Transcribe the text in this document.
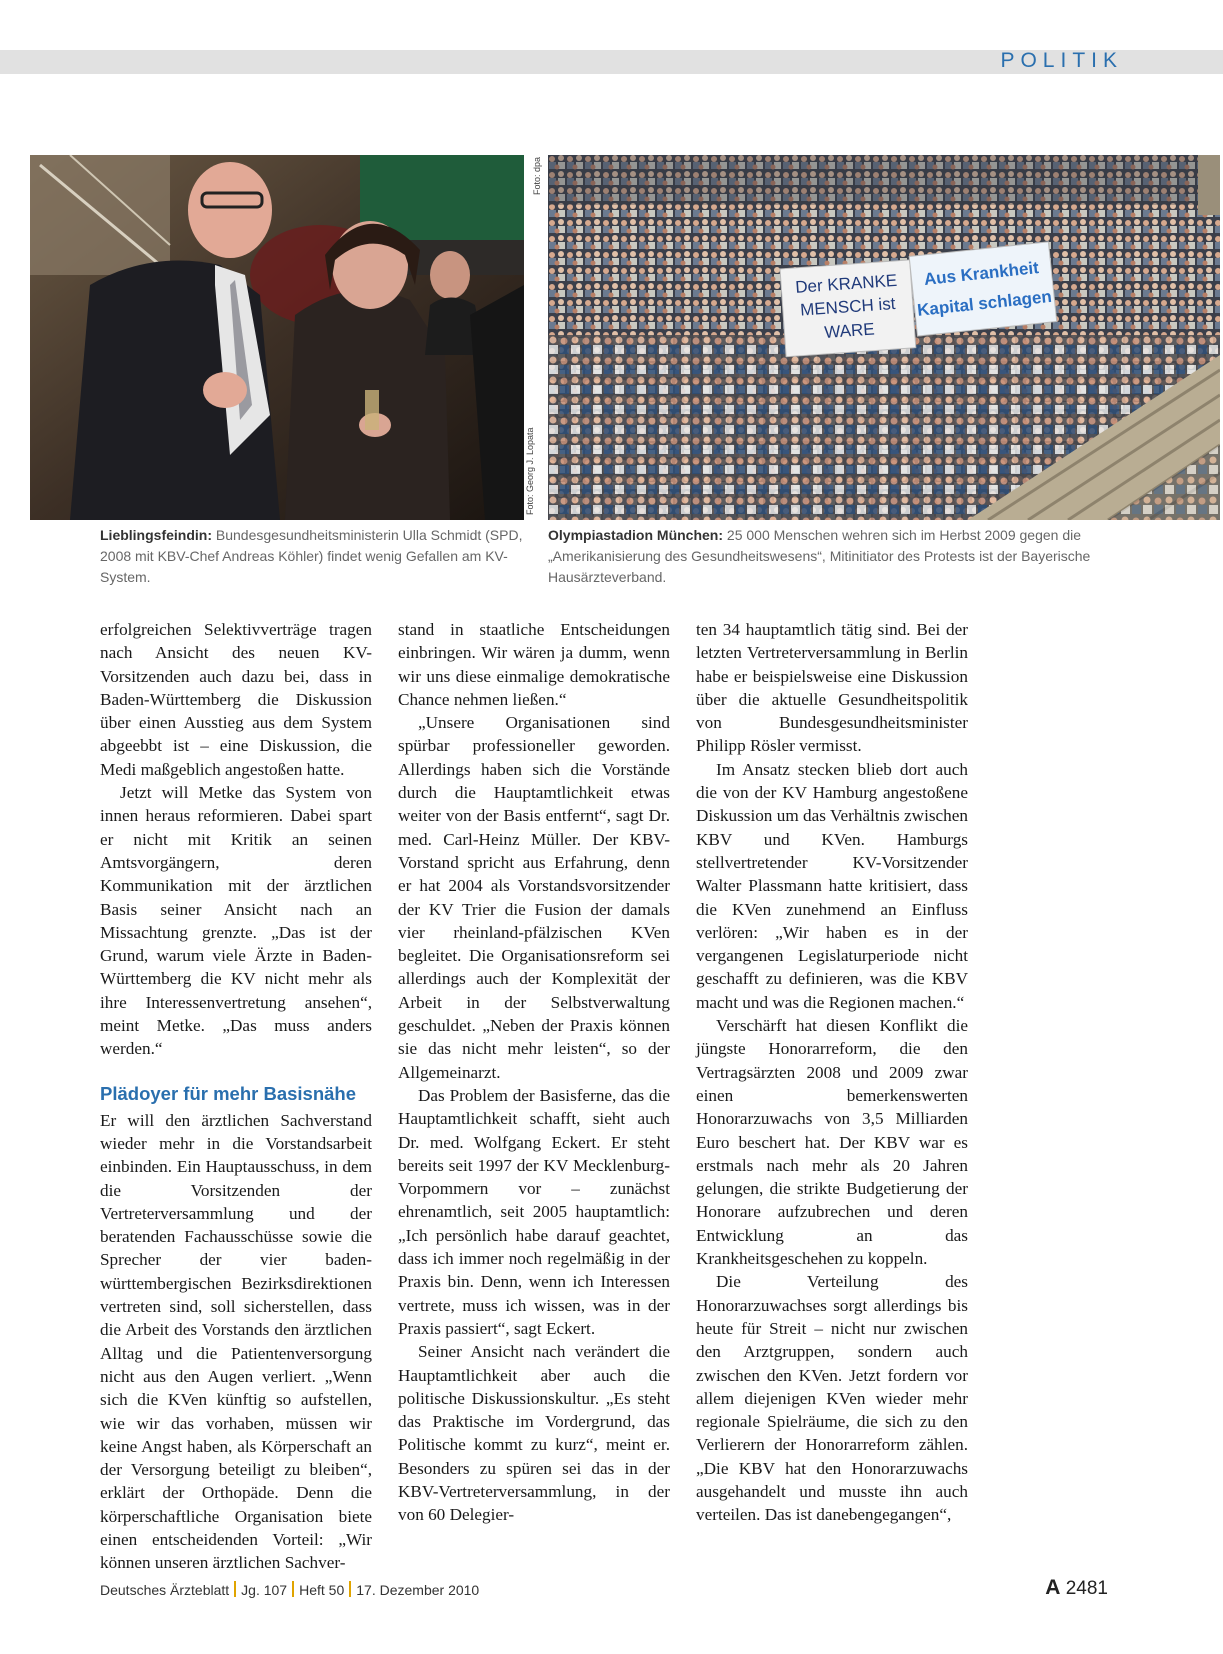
POLITIK
Foto: Georg J. Lopata
Der KRANKE
MENSCH ist
WARE
Aus Krankheit
Kapital schlagen
Foto: dpa
Lieblingsfeindin: Bundesgesundheitsministerin Ulla Schmidt (SPD, 2008 mit KBV-Chef Andreas Köhler) findet wenig Gefallen am KV-System.
Olympiastadion München: 25 000 Menschen wehren sich im Herbst 2009 gegen die „Amerikanisierung des Gesundheitswesens“, Mitinitiator des Protests ist der Bayerische Hausärzteverband.

erfolgreichen Selektivverträge tragen nach Ansicht des neuen KV-Vorsitzenden auch dazu bei, dass in Baden-Württemberg die Diskussion über einen Ausstieg aus dem System abgeebbt ist – eine Diskussion, die Medi maßgeblich angestoßen hatte.

Jetzt will Metke das System von innen heraus reformieren. Dabei spart er nicht mit Kritik an seinen Amtsvorgängern, deren Kommunikation mit der ärztlichen Basis seiner Ansicht nach an Missachtung grenzte. „Das ist der Grund, warum viele Ärzte in Baden-Württemberg die KV nicht mehr als ihre Interessenvertretung ansehen“, meint Metke. „Das muss anders werden.“

Plädoyer für mehr Basisnähe

Er will den ärztlichen Sachverstand wieder mehr in die Vorstandsarbeit einbinden. Ein Hauptausschuss, in dem die Vorsitzenden der Vertreterversammlung und der beratenden Fachausschüsse sowie die Sprecher der vier baden-württembergischen Bezirksdirektionen vertreten sind, soll sicherstellen, dass die Arbeit des Vorstands den ärztlichen Alltag und die Patientenversorgung nicht aus den Augen verliert. „Wenn sich die KVen künftig so aufstellen, wie wir das vorhaben, müssen wir keine Angst haben, als Körperschaft an der Versorgung beteiligt zu bleiben“, erklärt der Orthopäde. Denn die körperschaftliche Organisation biete einen entscheidenden Vorteil: „Wir können unseren ärztlichen Sachver-

stand in staatliche Entscheidungen einbringen. Wir wären ja dumm, wenn wir uns diese einmalige demokratische Chance nehmen ließen.“

„Unsere Organisationen sind spürbar professioneller geworden. Allerdings haben sich die Vorstände durch die Hauptamtlichkeit etwas weiter von der Basis entfernt“, sagt Dr. med. Carl-Heinz Müller. Der KBV-Vorstand spricht aus Erfahrung, denn er hat 2004 als Vorstandsvorsitzender der KV Trier die Fusion der damals vier rheinland-pfälzischen KVen begleitet. Die Organisationsreform sei allerdings auch der Komplexität der Arbeit in der Selbstverwaltung geschuldet. „Neben der Praxis können sie das nicht mehr leisten“, so der Allgemeinarzt.

Das Problem der Basisferne, das die Hauptamtlichkeit schafft, sieht auch Dr. med. Wolfgang Eckert. Er steht bereits seit 1997 der KV Mecklenburg-Vorpommern vor – zunächst ehrenamtlich, seit 2005 hauptamtlich: „Ich persönlich habe darauf geachtet, dass ich immer noch regelmäßig in der Praxis bin. Denn, wenn ich Interessen vertrete, muss ich wissen, was in der Praxis passiert“, sagt Eckert.

Seiner Ansicht nach verändert die Hauptamtlichkeit aber auch die politische Diskussionskultur. „Es steht das Praktische im Vordergrund, das Politische kommt zu kurz“, meint er. Besonders zu spüren sei das in der KBV-Vertreterversammlung, in der von 60 Delegier-

ten 34 hauptamtlich tätig sind. Bei der letzten Vertreterversammlung in Berlin habe er beispielsweise eine Diskussion über die aktuelle Gesundheitspolitik von Bundesgesundheitsminister Philipp Rösler vermisst.

Im Ansatz stecken blieb dort auch die von der KV Hamburg angestoßene Diskussion um das Verhältnis zwischen KBV und KVen. Hamburgs stellvertretender KV-Vorsitzender Walter Plassmann hatte kritisiert, dass die KVen zunehmend an Einfluss verlören: „Wir haben es in der vergangenen Legislaturperiode nicht geschafft zu definieren, was die KBV macht und was die Regionen machen.“

Verschärft hat diesen Konflikt die jüngste Honorarreform, die den Vertragsärzten 2008 und 2009 zwar einen bemerkenswerten Honorarzuwachs von 3,5 Milliarden Euro beschert hat. Der KBV war es erstmals nach mehr als 20 Jahren gelungen, die strikte Budgetierung der Honorare aufzubrechen und deren Entwicklung an das Krankheitsgeschehen zu koppeln.

Die Verteilung des Honorarzuwachses sorgt allerdings bis heute für Streit – nicht nur zwischen den Arztgruppen, sondern auch zwischen den KVen. Jetzt fordern vor allem diejenigen KVen wieder mehr regionale Spielräume, die sich zu den Verlierern der Honorarreform zählen. „Die KBV hat den Honorarzuwachs ausgehandelt und musste ihn auch verteilen. Das ist danebengegangen“,

Deutsches Ärzteblatt Jg. 107 Heft 50 17. Dezember 2010	A 2481
